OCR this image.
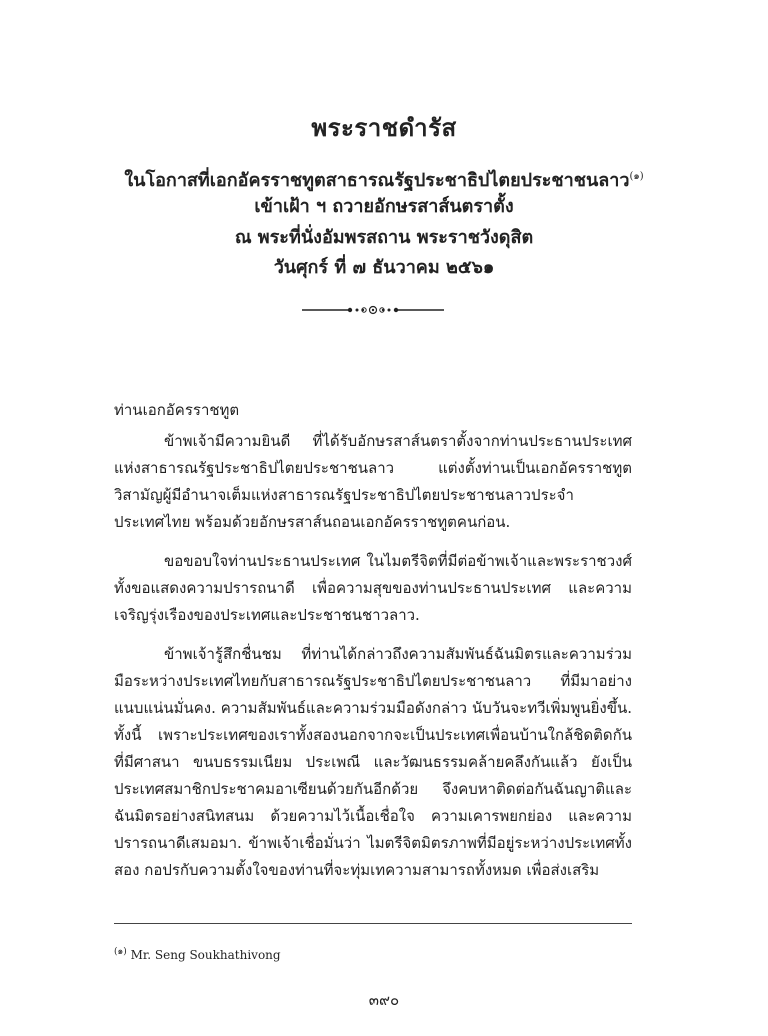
พระราชดำรัส
ในโอกาสที่เอกอัครราชทูตสาธารณรัฐประชาธิปไตยประชาชนลาว$^{(๑)}$
เข้าเฝ้า ฯ ถวายอักษรสาส์นตราตั้ง
ณ พระที่นั่งอัมพรสถาน พระราชวังดุสิต
วันศุกร์ ที่ ๗ ธันวาคม ๒๕๖๑
ท่านเอกอัครราชทูต

ข้าพเจ้ามีความยินดี ที่ได้รับอักษรสาส์นตราตั้งจากท่านประธานประเทศแห่งสาธารณรัฐประชาธิปไตยประชาชนลาว แต่งตั้งท่านเป็นเอกอัครราชทูตวิสามัญผู้มีอำนาจเต็มแห่งสาธารณรัฐประชาธิปไตยประชาชนลาวประจำประเทศไทย พร้อมด้วยอักษรสาส์นถอนเอกอัครราชทูตคนก่อน.

ขอขอบใจท่านประธานประเทศ ในไมตรีจิตที่มีต่อข้าพเจ้าและพระราชวงศ์ ทั้งขอแสดงความปรารถนาดี เพื่อความสุขของท่านประธานประเทศ และความเจริญรุ่งเรืองของประเทศและประชาชนชาวลาว.

ข้าพเจ้ารู้สึกชื่นชม ที่ท่านได้กล่าวถึงความสัมพันธ์ฉันมิตรและความร่วมมือระหว่างประเทศไทยกับสาธารณรัฐประชาธิปไตยประชาชนลาว ที่มีมาอย่างแนบแน่นมั่นคง. ความสัมพันธ์และความร่วมมือดังกล่าว นับวันจะทวีเพิ่มพูนยิ่งขึ้น. ทั้งนี้ เพราะประเทศของเราทั้งสองนอกจากจะเป็นประเทศเพื่อนบ้านใกล้ชิดติดกัน ที่มีศาสนา ขนบธรรมเนียม ประเพณี และวัฒนธรรมคล้ายคลึงกันแล้ว ยังเป็นประเทศสมาชิกประชาคมอาเซียนด้วยกันอีกด้วย จึงคบหาติดต่อกันฉันญาติและฉันมิตรอย่างสนิทสนม ด้วยความไว้เนื้อเชื่อใจ ความเคารพยกย่อง และความปรารถนาดีเสมอมา. ข้าพเจ้าเชื่อมั่นว่า ไมตรีจิตมิตรภาพที่มีอยู่ระหว่างประเทศทั้งสอง กอปรกับความตั้งใจของท่านที่จะทุ่มเทความสามารถทั้งหมด เพื่อส่งเสริม

$^{(๑)}$ Mr. Seng Soukhathivong
๓๙๐
